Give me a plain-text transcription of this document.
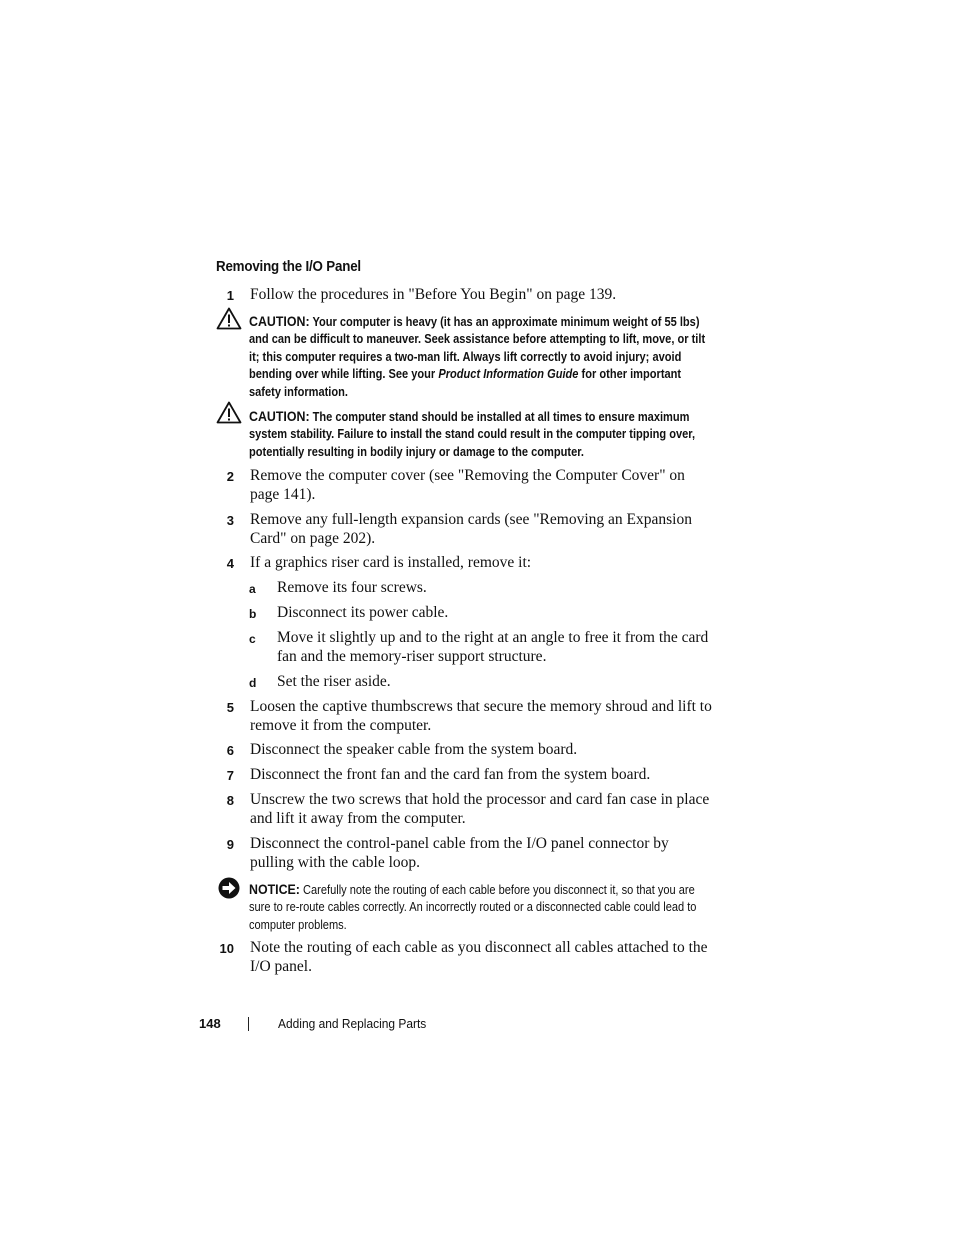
Removing the I/O Panel
1 Follow the procedures in "Before You Begin" on page 139.
CAUTION: Your computer is heavy (it has an approximate minimum weight of 55 lbs) and can be difficult to maneuver. Seek assistance before attempting to lift, move, or tilt it; this computer requires a two-man lift. Always lift correctly to avoid injury; avoid bending over while lifting. See your Product Information Guide for other important safety information.
CAUTION: The computer stand should be installed at all times to ensure maximum system stability. Failure to install the stand could result in the computer tipping over, potentially resulting in bodily injury or damage to the computer.
2 Remove the computer cover (see "Removing the Computer Cover" on page 141).
3 Remove any full-length expansion cards (see "Removing an Expansion Card" on page 202).
4 If a graphics riser card is installed, remove it:
a Remove its four screws.
b Disconnect its power cable.
c Move it slightly up and to the right at an angle to free it from the card fan and the memory-riser support structure.
d Set the riser aside.
5 Loosen the captive thumbscrews that secure the memory shroud and lift to remove it from the computer.
6 Disconnect the speaker cable from the system board.
7 Disconnect the front fan and the card fan from the system board.
8 Unscrew the two screws that hold the processor and card fan case in place and lift it away from the computer.
9 Disconnect the control-panel cable from the I/O panel connector by pulling with the cable loop.
NOTICE: Carefully note the routing of each cable before you disconnect it, so that you are sure to re-route cables correctly. An incorrectly routed or a disconnected cable could lead to computer problems.
10 Note the routing of each cable as you disconnect all cables attached to the I/O panel.
148	Adding and Replacing Parts
